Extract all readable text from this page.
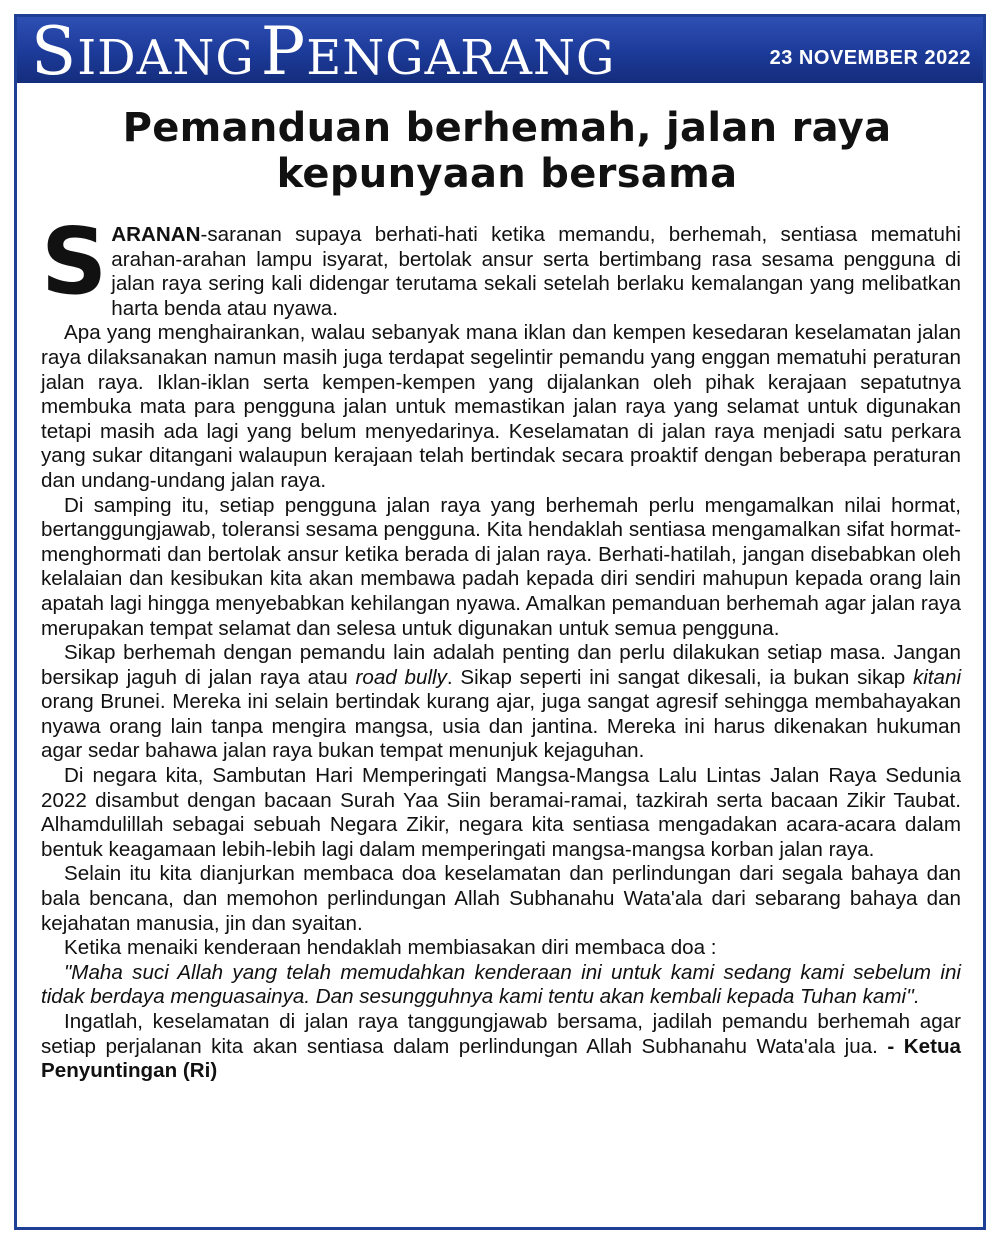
SIDANG PENGARANG	23 NOVEMBER 2022
Pemanduan berhemah, jalan raya
kepunyaan bersama

SARANAN-saranan supaya berhati-hati ketika memandu, berhemah, sentiasa mematuhi arahan-arahan lampu isyarat, bertolak ansur serta bertimbang rasa sesama pengguna di jalan raya sering kali didengar terutama sekali setelah berlaku kemalangan yang melibatkan harta benda atau nyawa.

Apa yang menghairankan, walau sebanyak mana iklan dan kempen kesedaran keselamatan jalan raya dilaksanakan namun masih juga terdapat segelintir pemandu yang enggan mematuhi peraturan jalan raya. Iklan-iklan serta kempen-kempen yang dijalankan oleh pihak kerajaan sepatutnya membuka mata para pengguna jalan untuk memastikan jalan raya yang selamat untuk digunakan tetapi masih ada lagi yang belum menyedarinya. Keselamatan di jalan raya menjadi satu perkara yang sukar ditangani walaupun kerajaan telah bertindak secara proaktif dengan beberapa peraturan dan undang-undang jalan raya.

Di samping itu, setiap pengguna jalan raya yang berhemah perlu mengamalkan nilai hormat, bertanggungjawab, toleransi sesama pengguna. Kita hendaklah sentiasa mengamalkan sifat hormat-menghormati dan bertolak ansur ketika berada di jalan raya. Berhati-hatilah, jangan disebabkan oleh kelalaian dan kesibukan kita akan membawa padah kepada diri sendiri mahupun kepada orang lain apatah lagi hingga menyebabkan kehilangan nyawa. Amalkan pemanduan berhemah agar jalan raya merupakan tempat selamat dan selesa untuk digunakan untuk semua pengguna.

Sikap berhemah dengan pemandu lain adalah penting dan perlu dilakukan setiap masa. Jangan bersikap jaguh di jalan raya atau road bully. Sikap seperti ini sangat dikesali, ia bukan sikap kitani orang Brunei. Mereka ini selain bertindak kurang ajar, juga sangat agresif sehingga membahayakan nyawa orang lain tanpa mengira mangsa, usia dan jantina. Mereka ini harus dikenakan hukuman agar sedar bahawa jalan raya bukan tempat menunjuk kejaguhan.

Di negara kita, Sambutan Hari Memperingati Mangsa-Mangsa Lalu Lintas Jalan Raya Sedunia 2022 disambut dengan bacaan Surah Yaa Siin beramai-ramai, tazkirah serta bacaan Zikir Taubat. Alhamdulillah sebagai sebuah Negara Zikir, negara kita sentiasa mengadakan acara-acara dalam bentuk keagamaan lebih-lebih lagi dalam memperingati mangsa-mangsa korban jalan raya.

Selain itu kita dianjurkan membaca doa keselamatan dan perlindungan dari segala bahaya dan bala bencana, dan memohon perlindungan Allah Subhanahu Wata'ala dari sebarang bahaya dan kejahatan manusia, jin dan syaitan.

Ketika menaiki kenderaan hendaklah membiasakan diri membaca doa :

"Maha suci Allah yang telah memudahkan kenderaan ini untuk kami sedang kami sebelum ini tidak berdaya menguasainya. Dan sesungguhnya kami tentu akan kembali kepada Tuhan kami''.

Ingatlah, keselamatan di jalan raya tanggungjawab bersama, jadilah pemandu berhemah agar setiap perjalanan kita akan sentiasa dalam perlindungan Allah Subhanahu Wata'ala jua. - Ketua Penyuntingan (Ri)
